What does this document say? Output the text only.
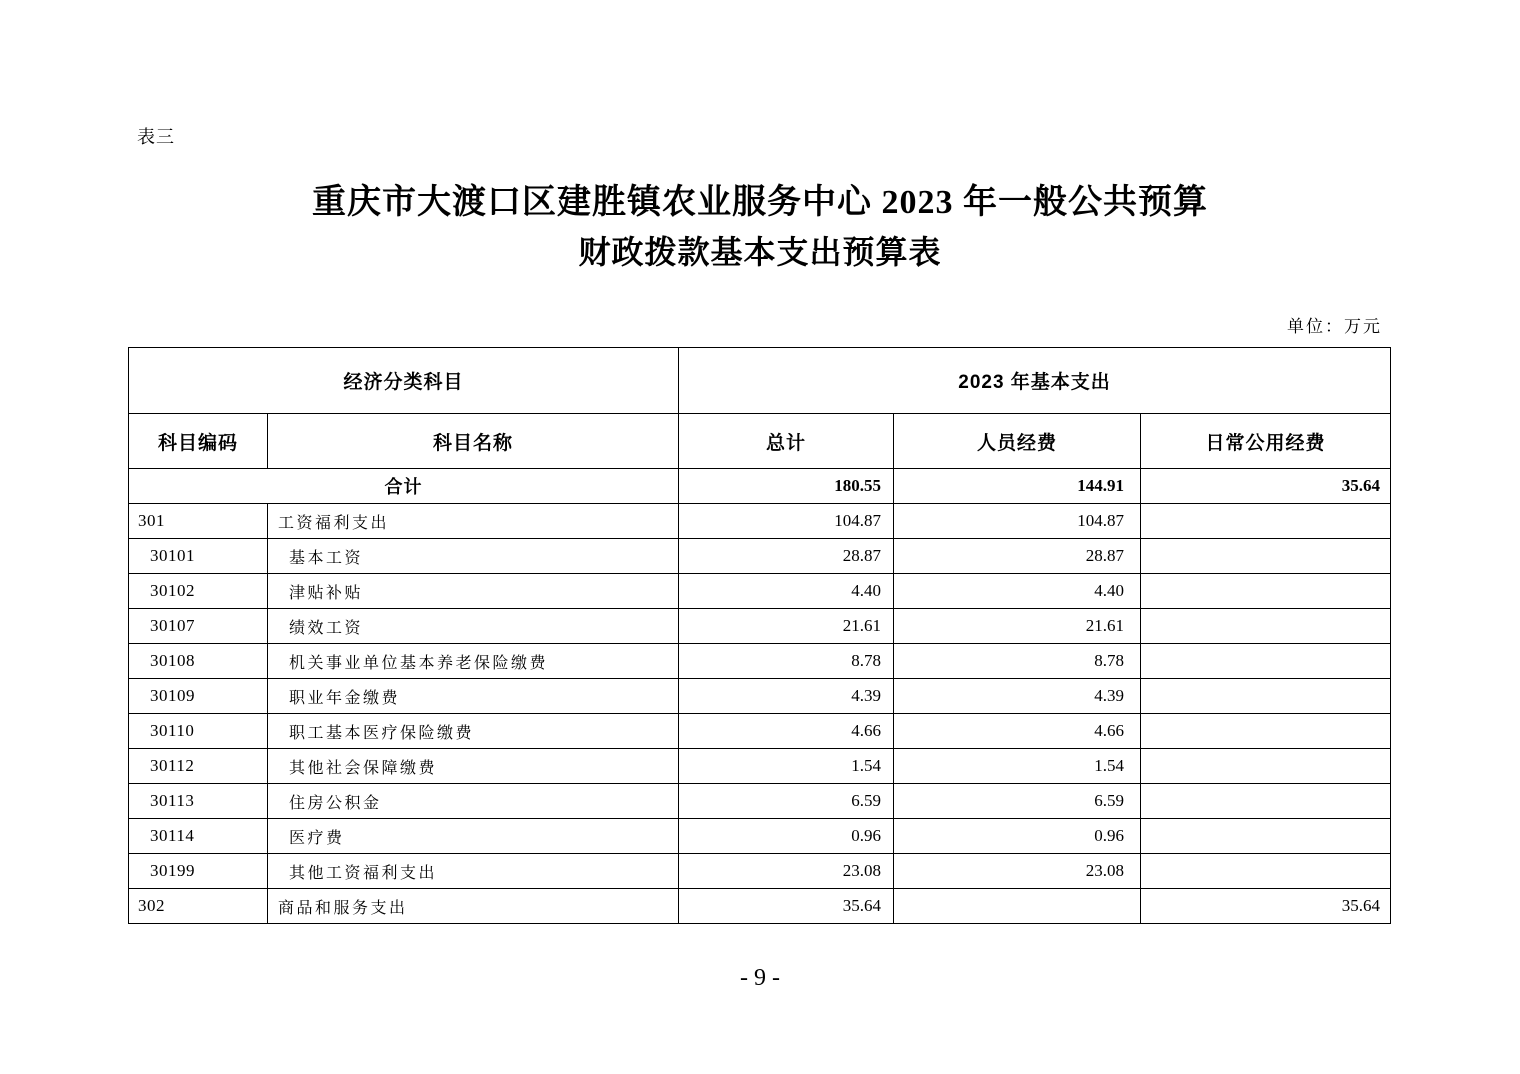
表三
重庆市大渡口区建胜镇农业服务中心 2023 年一般公共预算
财政拨款基本支出预算表
单位：万元
经济分类科目		2023 年基本支出		
科目编码	科目名称	总计	人员经费	日常公用经费
合计		180.55	144.91	35.64
301	工资福利支出	104.87	104.87	
30101	基本工资	28.87	28.87	
30102	津贴补贴	4.40	4.40	
30107	绩效工资	21.61	21.61	
30108	机关事业单位基本养老保险缴费	8.78	8.78	
30109	职业年金缴费	4.39	4.39	
30110	职工基本医疗保险缴费	4.66	4.66	
30112	其他社会保障缴费	1.54	1.54	
30113	住房公积金	6.59	6.59	
30114	医疗费	0.96	0.96	
30199	其他工资福利支出	23.08	23.08	
302	商品和服务支出	35.64		35.64
- 9 -
